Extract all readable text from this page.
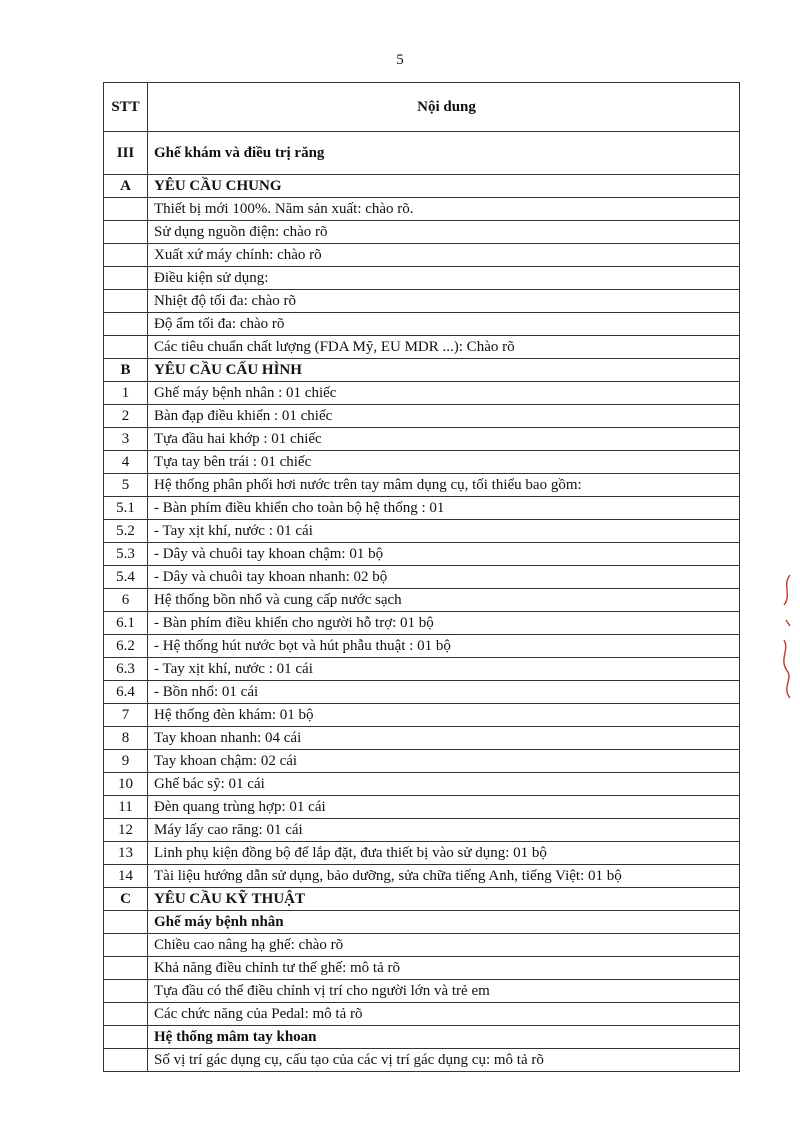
5
STT	Nội dung
III	Ghế khám và điều trị răng
A	YÊU CẦU CHUNG
	Thiết bị mới 100%. Năm sản xuất: chào rõ.
	Sử dụng nguồn điện: chào rõ
	Xuất xứ máy chính: chào rõ
	Điều kiện sử dụng:
	Nhiệt độ tối đa: chào rõ
	Độ ẩm tối đa: chào rõ
	Các tiêu chuẩn chất lượng (FDA Mỹ, EU MDR ...): Chào rõ
B	YÊU CẦU CẤU HÌNH
1	Ghế máy bệnh nhân : 01 chiếc
2	Bàn đạp điều khiển : 01 chiếc
3	Tựa đầu hai khớp : 01 chiếc
4	Tựa tay bên trái : 01 chiếc
5	Hệ thống phân phối hơi nước trên tay mâm dụng cụ, tối thiểu bao gồm:
5.1	- Bàn phím điều khiển cho toàn bộ hệ thống : 01
5.2	- Tay xịt khí, nước : 01 cái
5.3	- Dây và chuôi tay khoan chậm: 01 bộ
5.4	- Dây và chuôi tay khoan nhanh: 02 bộ
6	Hệ thống bồn nhổ và cung cấp nước sạch
6.1	- Bàn phím điều khiển cho người hỗ trợ: 01 bộ
6.2	- Hệ thống hút nước bọt và hút phẫu thuật : 01 bộ
6.3	- Tay xịt khí, nước : 01 cái
6.4	- Bồn nhổ: 01 cái
7	Hệ thống đèn khám: 01 bộ
8	Tay khoan nhanh: 04 cái
9	Tay khoan chậm: 02 cái
10	Ghế bác sỹ: 01 cái
11	Đèn quang trùng hợp: 01 cái
12	Máy lấy cao răng: 01 cái
13	Linh phụ kiện đồng bộ để lắp đặt, đưa thiết bị vào sử dụng: 01 bộ
14	Tài liệu hướng dẫn sử dụng, bảo dưỡng, sửa chữa tiếng Anh, tiếng Việt: 01 bộ
C	YÊU CẦU KỸ THUẬT
	Ghế máy bệnh nhân
	Chiều cao nâng hạ ghế: chào rõ
	Khả năng điều chỉnh tư thế ghế: mô tả rõ
	Tựa đầu có thể điều chỉnh vị trí cho người lớn và trẻ em
	Các chức năng của Pedal: mô tả rõ
	Hệ thống mâm tay khoan
	Số vị trí gác dụng cụ, cấu tạo của các vị trí gác dụng cụ: mô tả rõ
